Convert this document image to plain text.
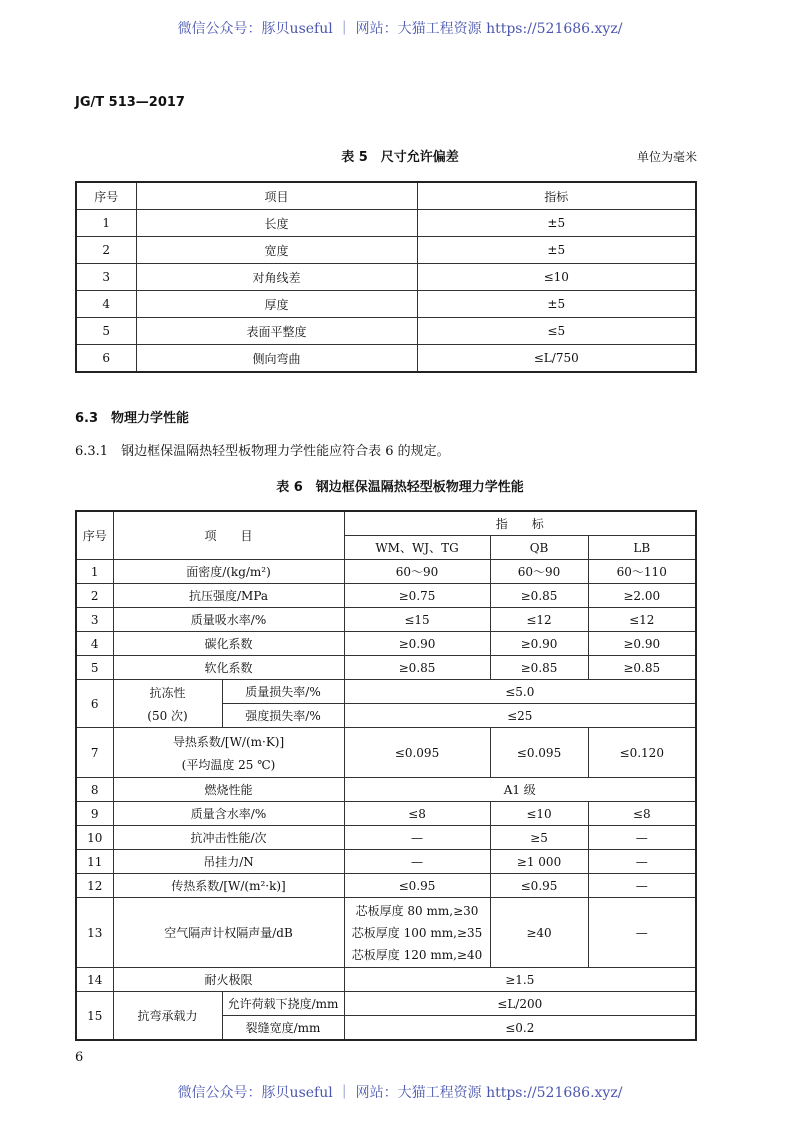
微信公众号：豚贝useful ｜ 网站：大猫工程资源 https://521686.xyz/
JG/T 513—2017
表 5　尺寸允许偏差	单位为毫米
序号	项目	指标
1	长度	±5
2	宽度	±5
3	对角线差	≤10
4	厚度	±5
5	表面平整度	≤5
6	侧向弯曲	≤L/750
6.3　物理力学性能
6.3.1　钢边框保温隔热轻型板物理力学性能应符合表 6 的规定。
表 6　钢边框保温隔热轻型板物理力学性能
序号	项　　目		指　　标		
			WM、WJ、TG	QB	LB
1	面密度/(kg/m²)		60～90	60～90	60～110
2	抗压强度/MPa		≥0.75	≥0.85	≥2.00
3	质量吸水率/%		≤15	≤12	≤12
4	碳化系数		≥0.90	≥0.90	≥0.90
5	软化系数		≥0.85	≥0.85	≥0.85
6	抗冻性
(50 次)	质量损失率/%	≤5.0		
		强度损失率/%	≤25		
7	导热系数/[W/(m·K)]
(平均温度 25 ℃)		≤0.095	≤0.095	≤0.120
8	燃烧性能		A1 级		
9	质量含水率/%		≤8	≤10	≤8
10	抗冲击性能/次		—	≥5	—
11	吊挂力/N		—	≥1 000	—
12	传热系数/[W/(m²·k)]		≤0.95	≤0.95	—
13	空气隔声计权隔声量/dB		芯板厚度 80 mm,≥30
芯板厚度 100 mm,≥35
芯板厚度 120 mm,≥40	≥40	—
14	耐火极限		≥1.5		
15	抗弯承载力	允许荷载下挠度/mm	≤L/200		
		裂缝宽度/mm	≤0.2		
6
微信公众号：豚贝useful ｜ 网站：大猫工程资源 https://521686.xyz/
